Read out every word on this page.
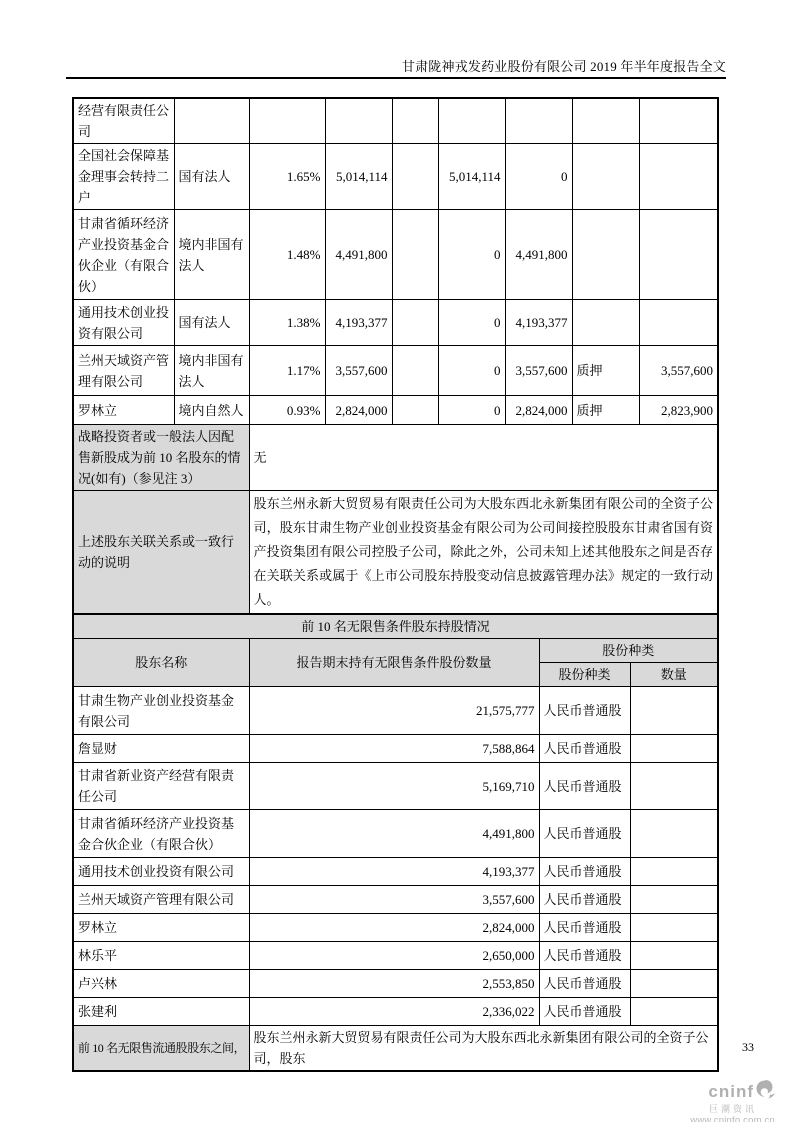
甘肃陇神戎发药业股份有限公司 2019 年半年度报告全文
经营有限责任公司								
全国社会保障基金理事会转持二户	国有法人	1.65%	5,014,114		5,014,114	0		
甘肃省循环经济产业投资基金合伙企业（有限合伙）	境内非国有法人	1.48%	4,491,800		0	4,491,800		
通用技术创业投资有限公司	国有法人	1.38%	4,193,377		0	4,193,377		
兰州天域资产管理有限公司	境内非国有法人	1.17%	3,557,600		0	3,557,600	质押	3,557,600
罗林立	境内自然人	0.93%	2,824,000		0	2,824,000	质押	2,823,900
战略投资者或一般法人因配售新股成为前 10 名股东的情况(如有)（参见注 3）		无						
上述股东关联关系或一致行动的说明		股东兰州永新大贸贸易有限责任公司为大股东西北永新集团有限公司的全资子公司，股东甘肃生物产业创业投资基金有限公司为公司间接控股股东甘肃省国有资产投资集团有限公司控股子公司，除此之外，公司未知上述其他股东之间是否存在关联关系或属于《上市公司股东持股变动信息披露管理办法》规定的一致行动人。						
前 10 名无限售条件股东持股情况			
股东名称	报告期末持有无限售条件股份数量	股份种类	
		股份种类	数量
甘肃生物产业创业投资基金有限公司	21,575,777	人民币普通股	
詹显财	7,588,864	人民币普通股	
甘肃省新业资产经营有限责任公司	5,169,710	人民币普通股	
甘肃省循环经济产业投资基金合伙企业（有限合伙）	4,491,800	人民币普通股	
通用技术创业投资有限公司	4,193,377	人民币普通股	
兰州天域资产管理有限公司	3,557,600	人民币普通股	
罗林立	2,824,000	人民币普通股	
林乐平	2,650,000	人民币普通股	
卢兴林	2,553,850	人民币普通股	
张建利	2,336,022	人民币普通股	
前 10 名无限售流通股股东之间，	股东兰州永新大贸贸易有限责任公司为大股东西北永新集团有限公司的全资子公司，股东		
33
cninf
巨潮资讯
www.cninfo.com.cn
